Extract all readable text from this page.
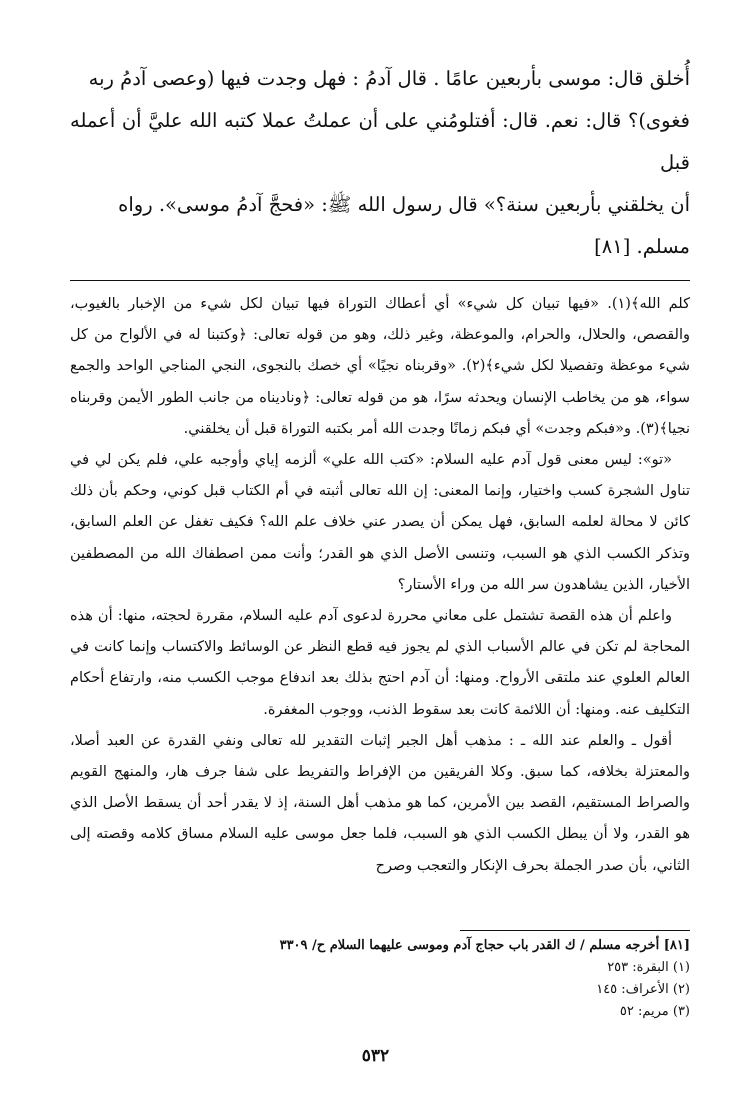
أُخلق قال: موسى بأربعين عامًا . قال آدمُ : فهل وجدت فيها (وعصى آدمُ ربه

فغوى)؟ قال: نعم. قال: أفتلومُني على أن عملتُ عملا كتبه الله عليَّ أن أعمله قبل

أن يخلقني بأربعين سنة؟» قال رسول الله ﷺ: «فحجَّ آدمُ موسى». رواه

مسلم. [٨١]

كلم الله﴾(١). «فيها تبيان كل شيء» أي أعطاك التوراة فيها تبيان لكل شيء من الإخبار بالغيوب، والقصص، والحلال، والحرام، والموعظة، وغير ذلك، وهو من قوله تعالى: ﴿وكتبنا له في الألواح من كل شيء موعظة وتفصيلا لكل شيء﴾(٢). «وقربناه نجيًا» أي خصك بالنجوى، النجي المناجي الواحد والجمع سواء، هو من يخاطب الإنسان ويحدثه سرًا، هو من قوله تعالى: ﴿وناديناه من جانب الطور الأيمن وقربناه نجيا﴾(٣). و«فبكم وجدت» أي فبكم زمانًا وجدت الله أمر بكتبه التوراة قبل أن يخلقني.

«تو»: ليس معنى قول آدم عليه السلام: «كتب الله علي» ألزمه إياي وأوجبه علي، فلم يكن لي في تناول الشجرة كسب واختيار، وإنما المعنى: إن الله تعالى أثبته في أم الكتاب قبل كوني، وحكم بأن ذلك كائن لا محالة لعلمه السابق، فهل يمكن أن يصدر عني خلاف علم الله؟ فكيف تغفل عن العلم السابق، وتذكر الكسب الذي هو السبب، وتنسى الأصل الذي هو القدر؛ وأنت ممن اصطفاك الله من المصطفين الأخيار، الذين يشاهدون سر الله من وراء الأستار؟

واعلم أن هذه القصة تشتمل على معاني محررة لدعوى آدم عليه السلام، مقررة لحجته، منها: أن هذه المحاجة لم تكن في عالم الأسباب الذي لم يجوز فيه قطع النظر عن الوسائط والاكتساب وإنما كانت في العالم العلوي عند ملتقى الأرواح. ومنها: أن آدم احتج بذلك بعد اندفاع موجب الكسب منه، وارتفاع أحكام التكليف عنه. ومنها: أن اللائمة كانت بعد سقوط الذنب، ووجوب المغفرة.

أقول ـ والعلم عند الله ـ : مذهب أهل الجبر إثبات التقدير لله تعالى ونفي القدرة عن العبد أصلا، والمعتزلة بخلافه، كما سبق. وكلا الفريقين من الإفراط والتفريط على شفا جرف هار، والمنهج القويم والصراط المستقيم، القصد بين الأمرين، كما هو مذهب أهل السنة، إذ لا يقدر أحد أن يسقط الأصل الذي هو القدر، ولا أن يبطل الكسب الذي هو السبب، فلما جعل موسى عليه السلام مساق كلامه وقصته إلى الثاني، بأن صدر الجملة بحرف الإنكار والتعجب وصرح

[٨١] أخرجه مسلم / ك القدر باب حجاج آدم وموسى عليهما السلام ح/ ٣٣٠٩

(١) البقرة: ٢٥٣

(٢) الأعراف: ١٤٥

(٣) مريم: ٥٢

٥٣٢
